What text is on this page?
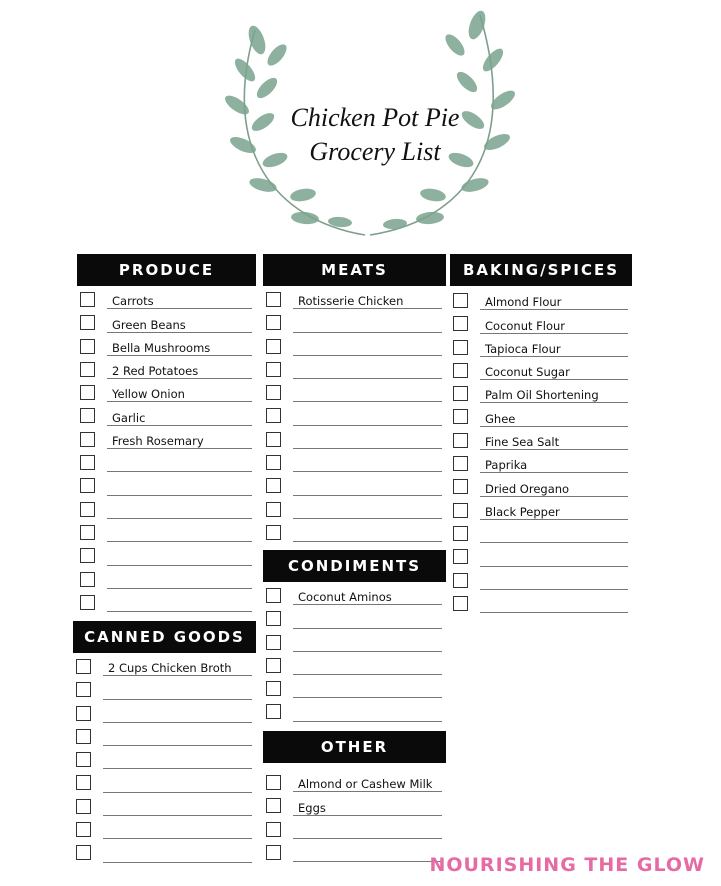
Chicken Pot Pie
Grocery List
PRODUCE
Carrots
Green Beans
Bella Mushrooms
2 Red Potatoes
Yellow Onion
Garlic
Fresh Rosemary
CANNED GOODS
2 Cups Chicken Broth
MEATS
Rotisserie Chicken
CONDIMENTS
Coconut Aminos
OTHER
Almond or Cashew Milk
Eggs
BAKING/SPICES
Almond Flour
Coconut Flour
Tapioca Flour
Coconut Sugar
Palm Oil Shortening
Ghee
Fine Sea Salt
Paprika
Dried Oregano
Black Pepper
NOURISHING THE GLOW
